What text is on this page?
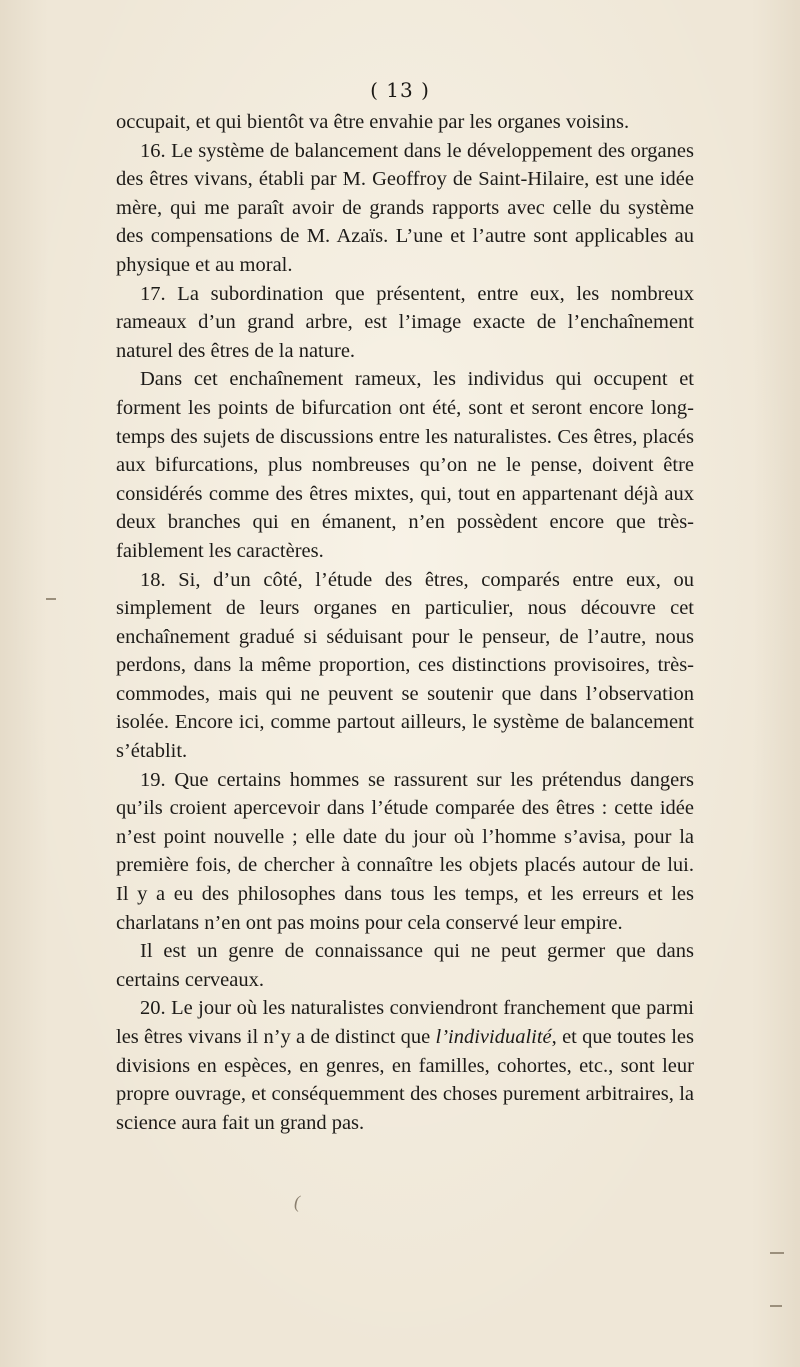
( 13 )

occupait, et qui bientôt va être envahie par les organes voisins.

16. Le système de balancement dans le développement des organes des êtres vivans, établi par M. Geoffroy de Saint-Hilaire, est une idée mère, qui me paraît avoir de grands rapports avec celle du système des compensations de M. Azaïs. L’une et l’autre sont applicables au physique et au moral.

17. La subordination que présentent, entre eux, les nombreux rameaux d’un grand arbre, est l’image exacte de l’enchaînement naturel des êtres de la nature.

Dans cet enchaînement rameux, les individus qui occupent et forment les points de bifurcation ont été, sont et seront encore long-temps des sujets de discussions entre les naturalistes. Ces êtres, placés aux bifurcations, plus nombreuses qu’on ne le pense, doivent être considérés comme des êtres mixtes, qui, tout en appartenant déjà aux deux branches qui en émanent, n’en possèdent encore que très-faiblement les caractères.

18. Si, d’un côté, l’étude des êtres, comparés entre eux, ou simplement de leurs organes en particulier, nous découvre cet enchaînement gradué si séduisant pour le penseur, de l’autre, nous perdons, dans la même proportion, ces distinctions provisoires, très-commodes, mais qui ne peuvent se soutenir que dans l’observation isolée. Encore ici, comme partout ailleurs, le système de balancement s’établit.

19. Que certains hommes se rassurent sur les prétendus dangers qu’ils croient apercevoir dans l’étude comparée des êtres : cette idée n’est point nouvelle ; elle date du jour où l’homme s’avisa, pour la première fois, de chercher à connaître les objets placés autour de lui. Il y a eu des philosophes dans tous les temps, et les erreurs et les charlatans n’en ont pas moins pour cela conservé leur empire.

Il est un genre de connaissance qui ne peut germer que dans certains cerveaux.

20. Le jour où les naturalistes conviendront franchement que parmi les êtres vivans il n’y a de distinct que l’individualité, et que toutes les divisions en espèces, en genres, en familles, cohortes, etc., sont leur propre ouvrage, et conséquemment des choses purement arbitraires, la science aura fait un grand pas.

(
